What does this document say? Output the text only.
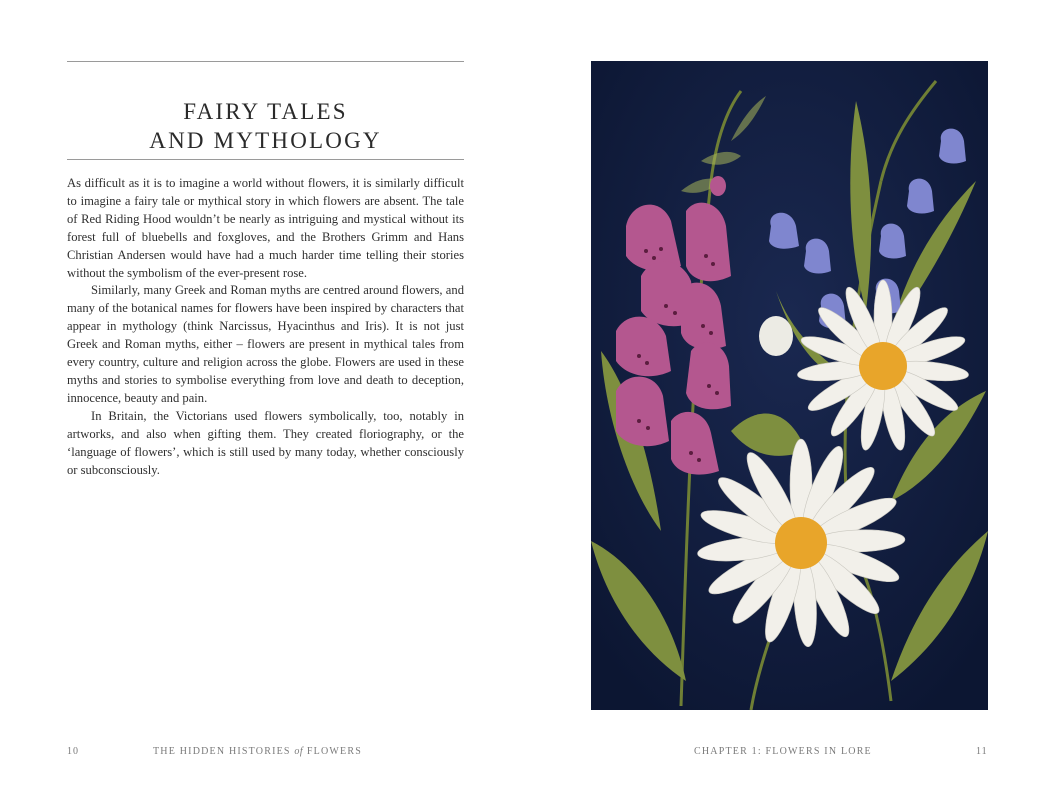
FAIRY TALES
AND MYTHOLOGY

As difficult as it is to imagine a world without flowers, it is similarly difficult to imagine a fairy tale or mythical story in which flowers are absent. The tale of Red Riding Hood wouldn’t be nearly as intriguing and mystical without its forest full of bluebells and foxgloves, and the Brothers Grimm and Hans Christian Andersen would have had a much harder time telling their stories without the symbolism of the ever-present rose.

Similarly, many Greek and Roman myths are centred around flowers, and many of the botanical names for flowers have been inspired by characters that appear in mythology (think Narcissus, Hyacinthus and Iris). It is not just Greek and Roman myths, either – flowers are present in mythical tales from every country, culture and religion across the globe. Flowers are used in these myths and stories to symbolise everything from love and death to deception, innocence, beauty and pain.

In Britain, the Victorians used flowers symbolically, too, notably in artworks, and also when gifting them. They created floriography, or the ‘language of flowers’, which is still used by many today, whether consciously or subconsciously.

10	THE HIDDEN HISTORIES of FLOWERS	CHAPTER 1: FLOWERS IN LORE	11
